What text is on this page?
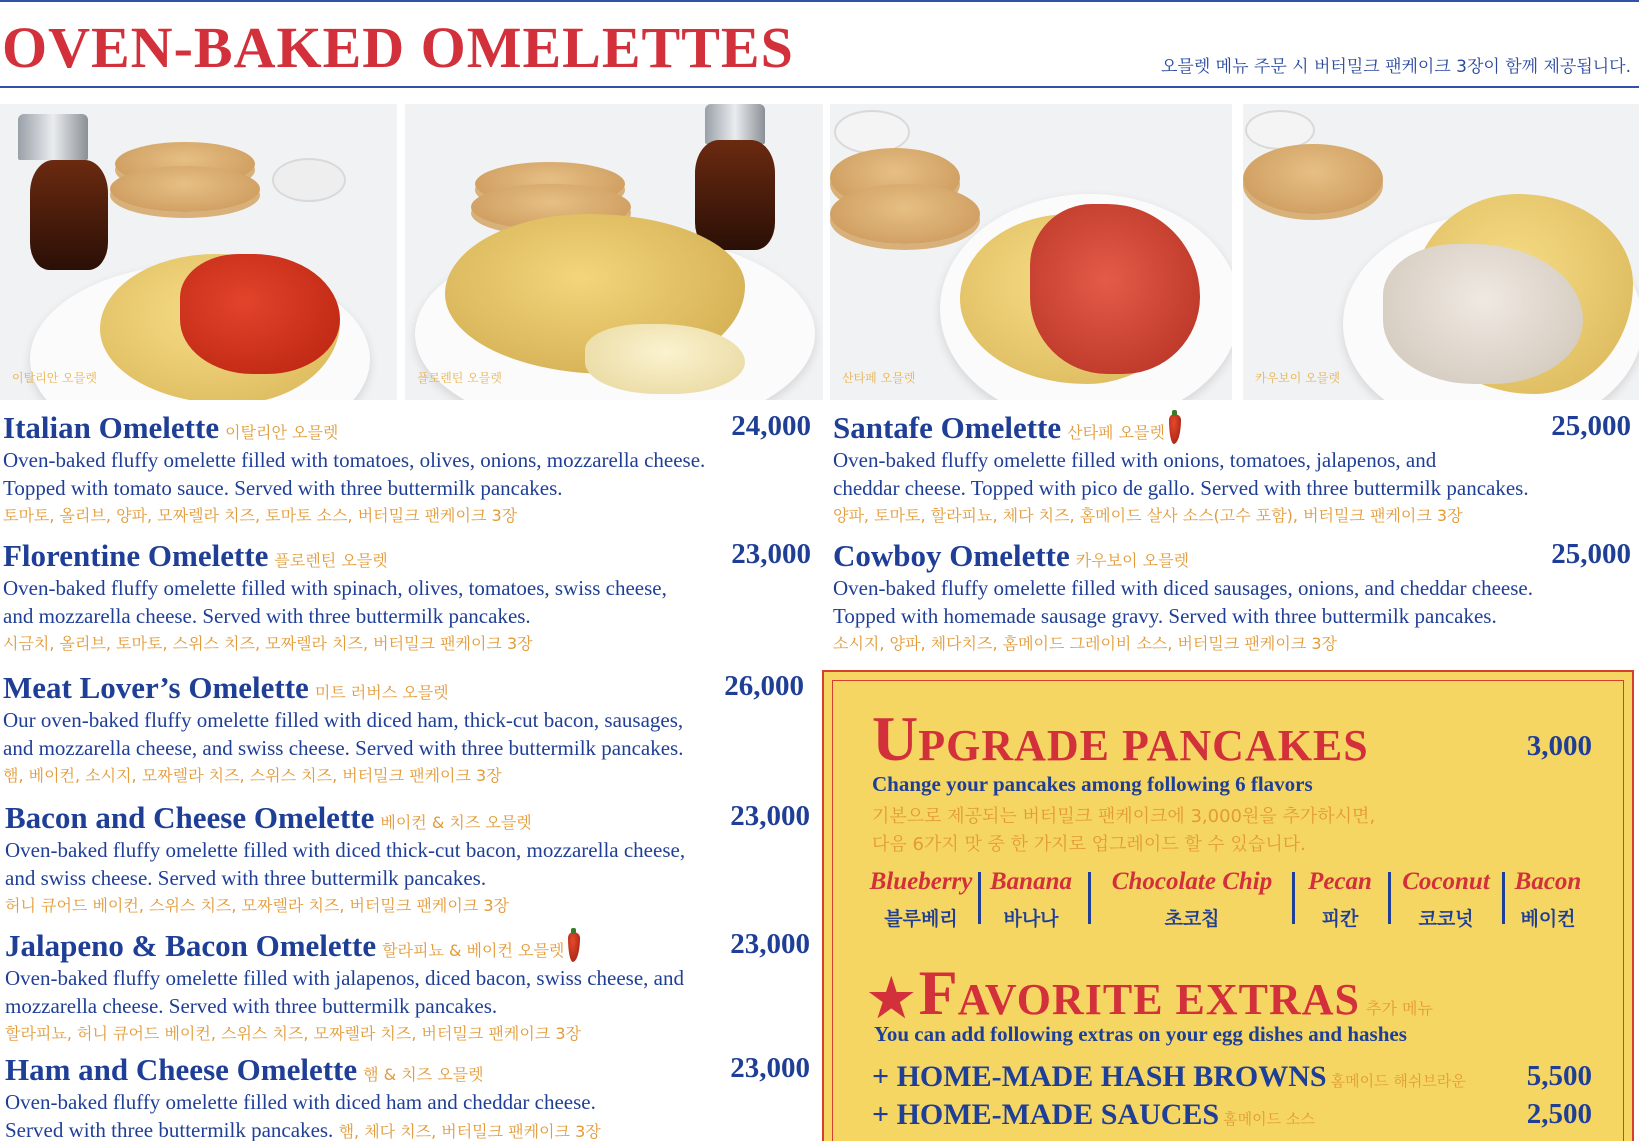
OVEN-BAKED OMELETTES	오믈렛 메뉴 주문 시 버터밀크 팬케이크 3장이 함께 제공됩니다.
이탈리안 오믈렛	플로렌틴 오믈렛	산타페 오믈렛	카우보이 오믈렛
Italian Omelette 이탈리안 오믈렛	24,000
Oven-baked fluffy omelette filled with tomatoes, olives, onions, mozzarella cheese.
Topped with tomato sauce. Served with three buttermilk pancakes.
토마토, 올리브, 양파, 모짜렐라 치즈, 토마토 소스, 버터밀크 팬케이크 3장
Florentine Omelette 플로렌틴 오믈렛	23,000
Oven-baked fluffy omelette filled with spinach, olives, tomatoes, swiss cheese,
and mozzarella cheese. Served with three buttermilk pancakes.
시금치, 올리브, 토마토, 스위스 치즈, 모짜렐라 치즈, 버터밀크 팬케이크 3장
Meat Lover’s Omelette 미트 러버스 오믈렛	26,000
Our oven-baked fluffy omelette filled with diced ham, thick-cut bacon, sausages,
and mozzarella cheese, and swiss cheese. Served with three buttermilk pancakes.
햄, 베이컨, 소시지, 모짜렐라 치즈, 스위스 치즈, 버터밀크 팬케이크 3장
Bacon and Cheese Omelette 베이컨 & 치즈 오믈렛	23,000
Oven-baked fluffy omelette filled with diced thick-cut bacon, mozzarella cheese,
and swiss cheese. Served with three buttermilk pancakes.
허니 큐어드 베이컨, 스위스 치즈, 모짜렐라 치즈, 버터밀크 팬케이크 3장
Jalapeno & Bacon Omelette 할라피뇨 & 베이컨 오믈렛	23,000
Oven-baked fluffy omelette filled with jalapenos, diced bacon, swiss cheese, and
mozzarella cheese. Served with three buttermilk pancakes.
할라피뇨, 허니 큐어드 베이컨, 스위스 치즈, 모짜렐라 치즈, 버터밀크 팬케이크 3장
Ham and Cheese Omelette 햄 & 치즈 오믈렛	23,000
Oven-baked fluffy omelette filled with diced ham and cheddar cheese.
Served with three buttermilk pancakes. 햄, 체다 치즈, 버터밀크 팬케이크 3장
Santafe Omelette 산타페 오믈렛	25,000
Oven-baked fluffy omelette filled with onions, tomatoes, jalapenos, and
cheddar cheese. Topped with pico de gallo. Served with three buttermilk pancakes.
양파, 토마토, 할라피뇨, 체다 치즈, 홈메이드 살사 소스(고수 포함), 버터밀크 팬케이크 3장
Cowboy Omelette 카우보이 오믈렛	25,000
Oven-baked fluffy omelette filled with diced sausages, onions, and cheddar cheese.
Topped with homemade sausage gravy. Served with three buttermilk pancakes.
소시지, 양파, 체다치즈, 홈메이드 그레이비 소스, 버터밀크 팬케이크 3장
UPGRADE PANCAKES	3,000
Change your pancakes among following 6 flavors
기본으로 제공되는 버터밀크 팬케이크에 3,000원을 추가하시면,
다음 6가지 맛 중 한 가지로 업그레이드 할 수 있습니다.
Blueberry
블루베리
Banana
바나나
Chocolate Chip
초코칩
Pecan
피칸
Coconut
코코넛
Bacon
베이컨
★ FAVORITE EXTRAS 추가 메뉴
You can add following extras on your egg dishes and hashes
+ HOME-MADE HASH BROWNS 홈메이드 해쉬브라운 5,500
+ HOME-MADE SAUCES 홈메이드 소스	2,500
